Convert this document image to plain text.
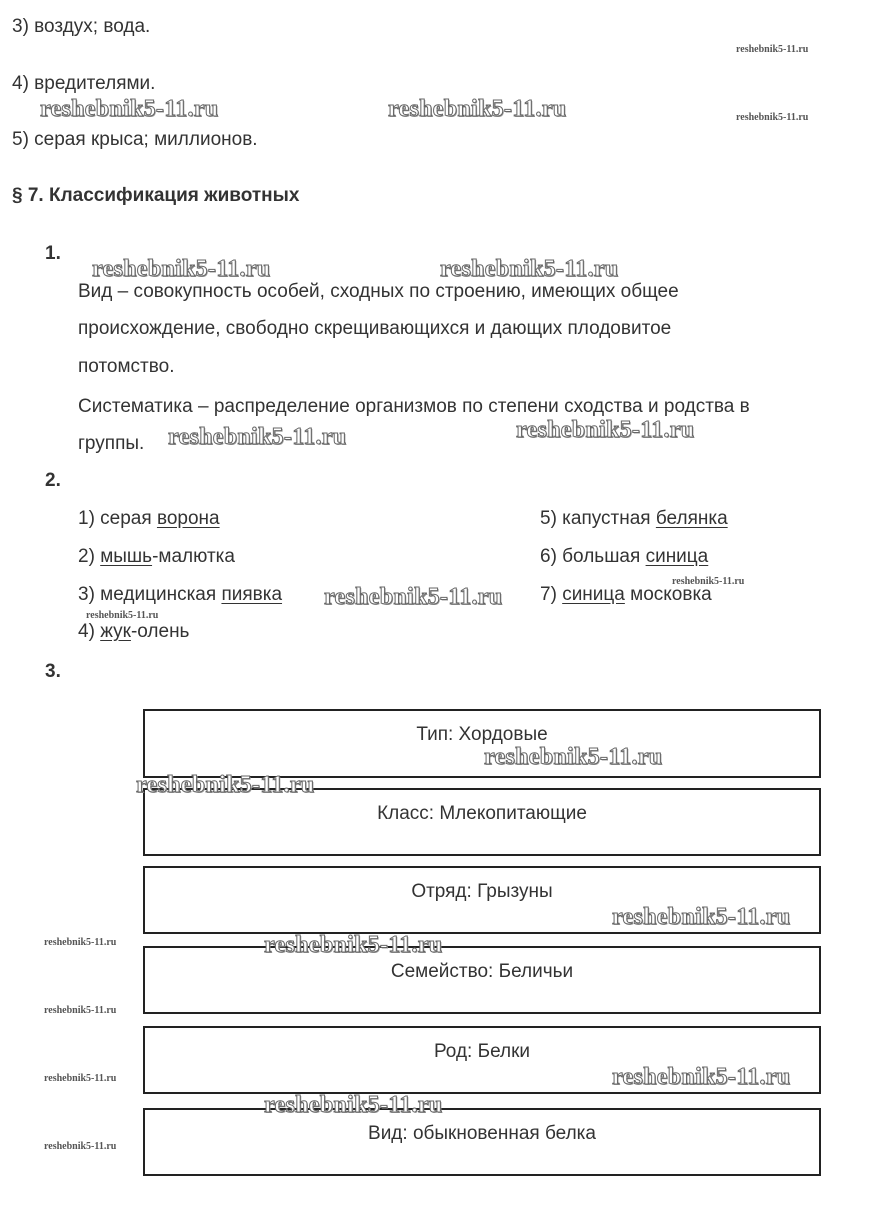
3) воздух; вода.
4) вредителями.
5) серая крыса; миллионов.
§ 7. Классификация животных
1.
Вид – совокупность особей, сходных по строению, имеющих общее
происхождение, свободно скрещивающихся и дающих плодовитое
потомство.
Систематика – распределение организмов по степени сходства и родства в
группы.
2.
1) серая ворона
2) мышь-малютка
3) медицинская пиявка
4) жук-олень
5) капустная белянка
6) большая синица
7) синица московка
3.
Тип: Хордовые
Класс: Млекопитающие
Отряд: Грызуны
Семейство: Беличьи
Род: Белки
Вид: обыкновенная белка
reshebnik5-11.ru	reshebnik5-11.ru
reshebnik5-11.ru	reshebnik5-11.ru
reshebnik5-11.ru	reshebnik5-11.ru
reshebnik5-11.ru
reshebnik5-11.ru
reshebnik5-11.ru
reshebnik5-11.ru
reshebnik5-11.ru
reshebnik5-11.ru
reshebnik5-11.ru
reshebnik5-11.ru
reshebnik5-11.ru
reshebnik5-11.ru
reshebnik5-11.ru
reshebnik5-11.ru
reshebnik5-11.ru
reshebnik5-11.ru
reshebnik5-11.ru
